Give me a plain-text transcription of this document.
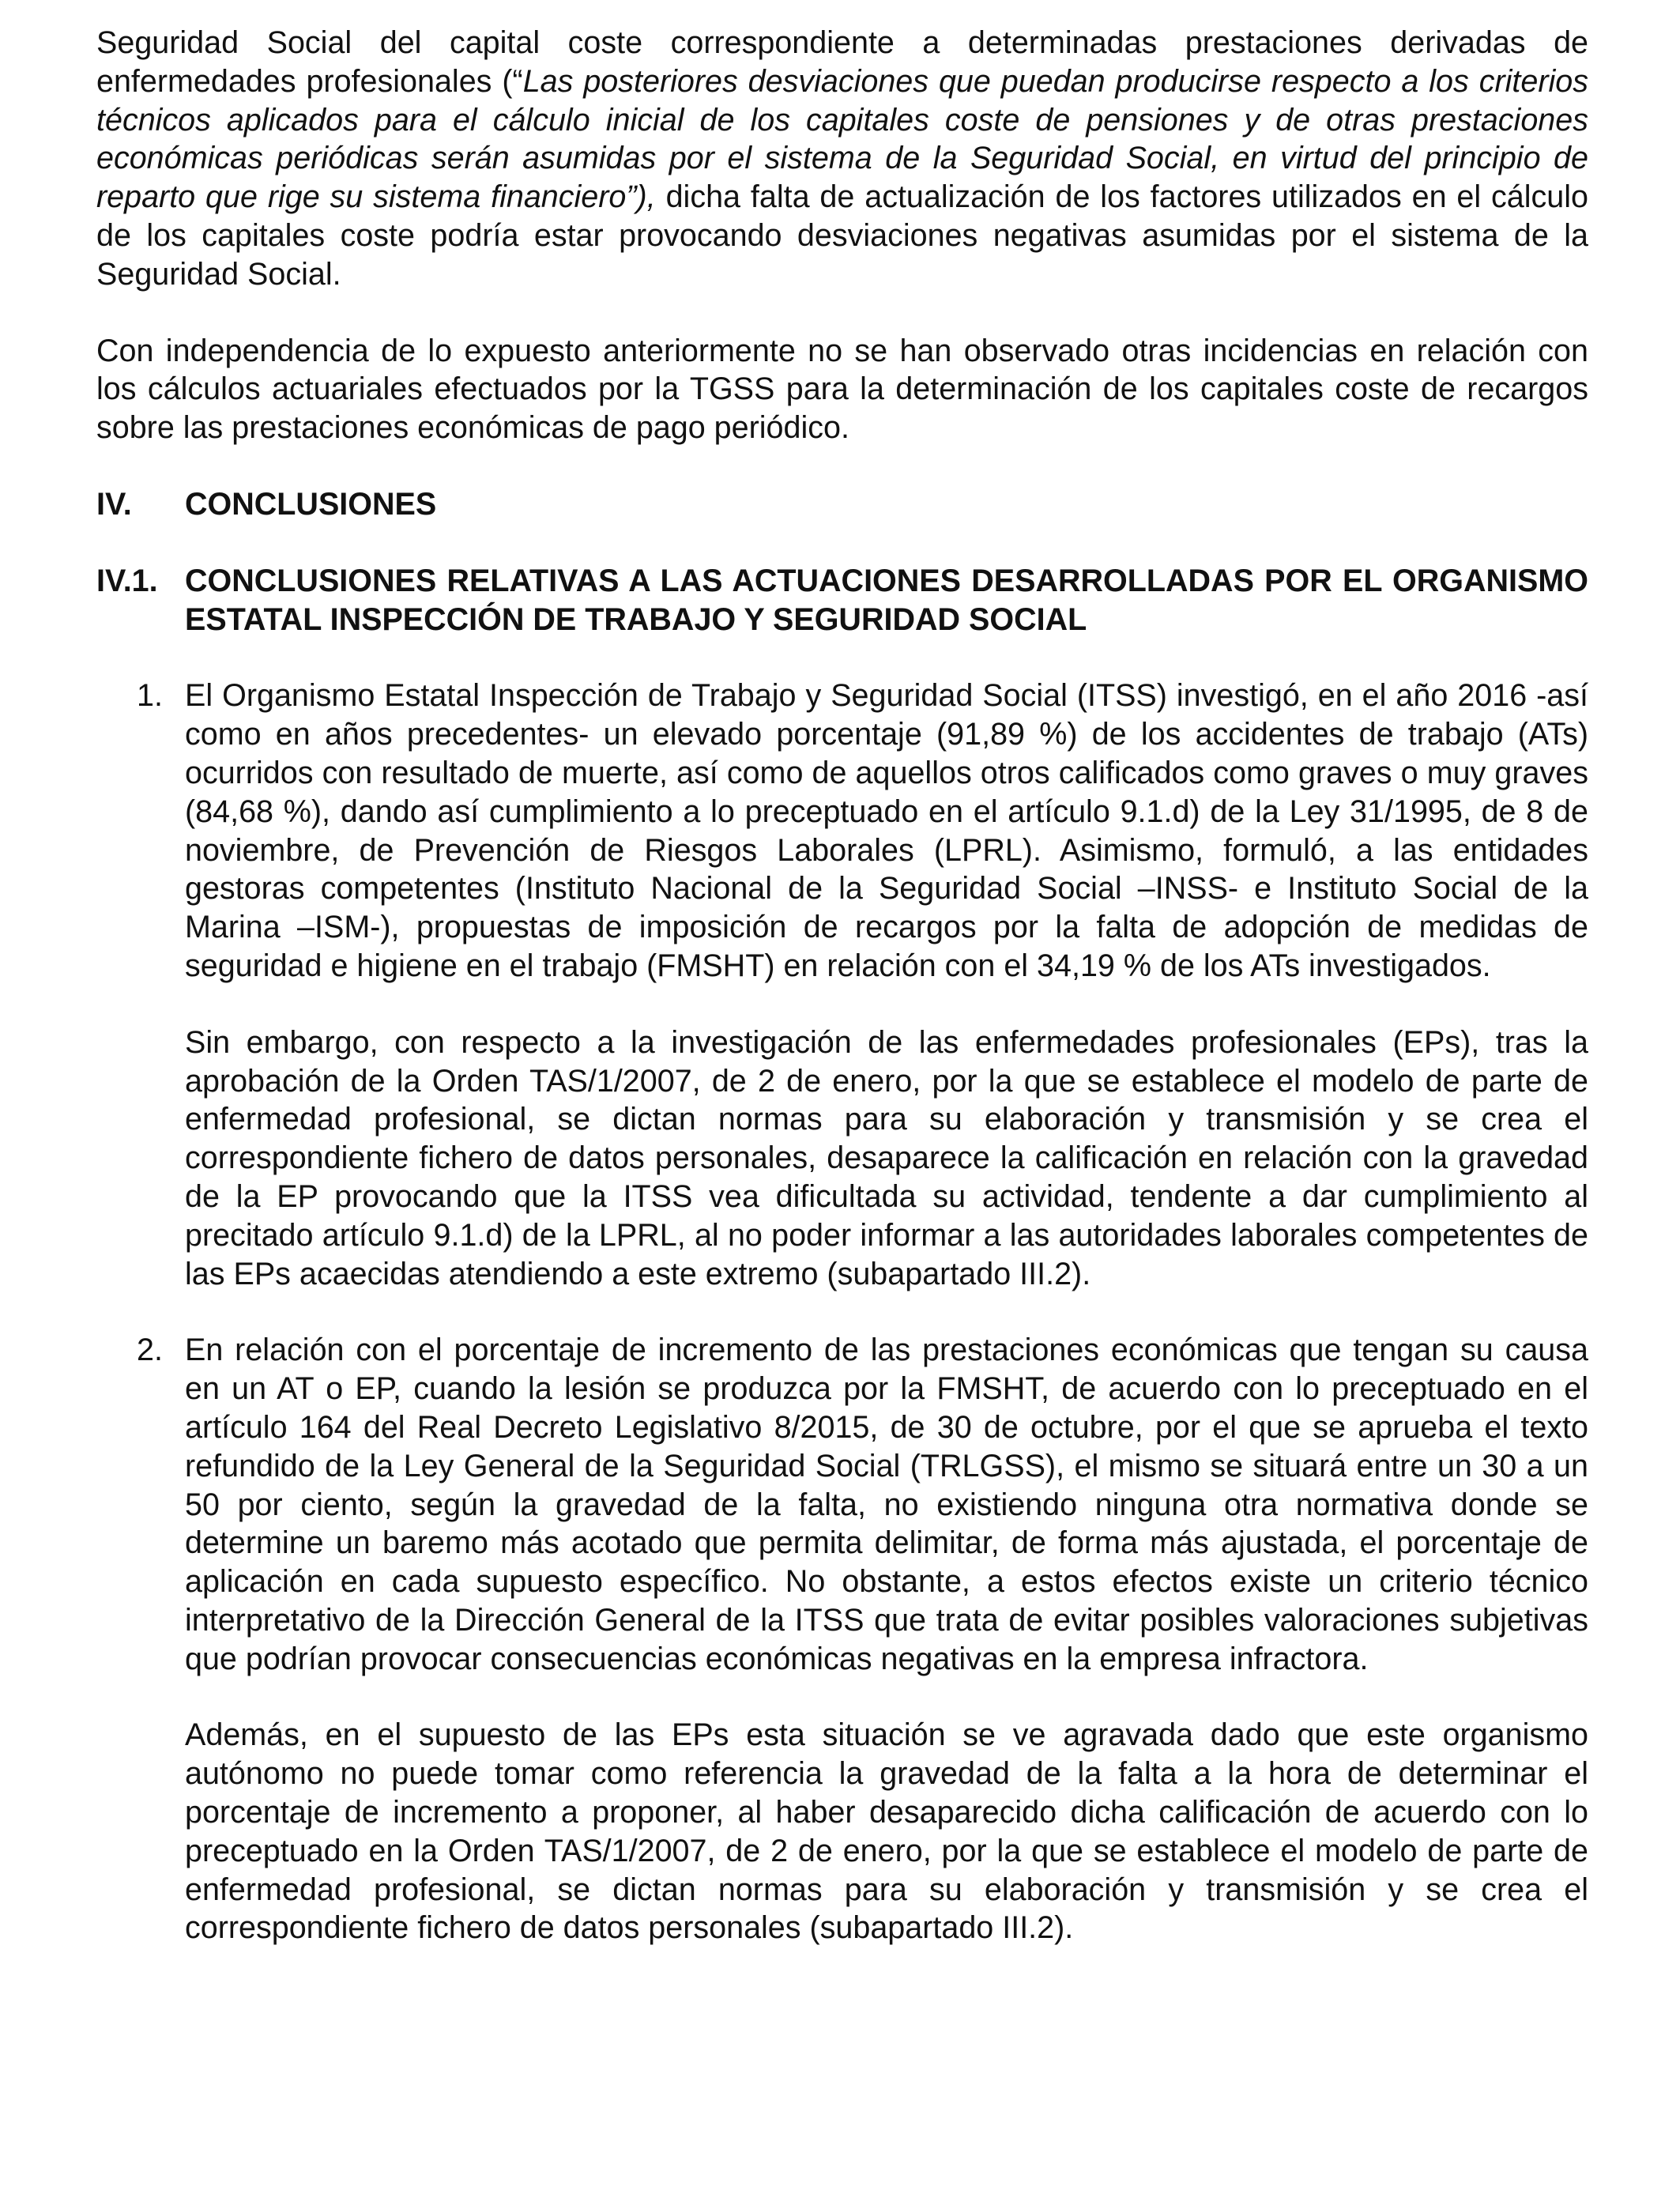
Seguridad Social del capital coste correspondiente a determinadas prestaciones derivadas de enfermedades profesionales (“Las posteriores desviaciones que puedan producirse respecto a los criterios técnicos aplicados para el cálculo inicial de los capitales coste de pensiones y de otras prestaciones económicas periódicas serán asumidas por el sistema de la Seguridad Social, en virtud del principio de reparto que rige su sistema financiero”), dicha falta de actualización de los factores utilizados en el cálculo de los capitales coste podría estar provocando desviaciones negativas asumidas por el sistema de la Seguridad Social.

Con independencia de lo expuesto anteriormente no se han observado otras incidencias en relación con los cálculos actuariales efectuados por la TGSS para la determinación de los capitales coste de recargos sobre las prestaciones económicas de pago periódico.

IV.	CONCLUSIONES
IV.1. CONCLUSIONES RELATIVAS A LAS ACTUACIONES DESARROLLADAS POR EL ORGANISMO ESTATAL INSPECCIÓN DE TRABAJO Y SEGURIDAD SOCIAL
1. El Organismo Estatal Inspección de Trabajo y Seguridad Social (ITSS) investigó, en el año 2016 -así como en años precedentes- un elevado porcentaje (91,89 %) de los accidentes de trabajo (ATs) ocurridos con resultado de muerte, así como de aquellos otros calificados como graves o muy graves (84,68 %), dando así cumplimiento a lo preceptuado en el artículo 9.1.d) de la Ley 31/1995, de 8 de noviembre, de Prevención de Riesgos Laborales (LPRL). Asimismo, formuló, a las entidades gestoras competentes (Instituto Nacional de la Seguridad Social –INSS- e Instituto Social de la Marina –ISM-), propuestas de imposición de recargos por la falta de adopción de medidas de seguridad e higiene en el trabajo (FMSHT) en relación con el 34,19 % de los ATs investigados.

Sin embargo, con respecto a la investigación de las enfermedades profesionales (EPs), tras la aprobación de la Orden TAS/1/2007, de 2 de enero, por la que se establece el modelo de parte de enfermedad profesional, se dictan normas para su elaboración y transmisión y se crea el correspondiente fichero de datos personales, desaparece la calificación en relación con la gravedad de la EP provocando que la ITSS vea dificultada su actividad, tendente a dar cumplimiento al precitado artículo 9.1.d) de la LPRL, al no poder informar a las autoridades laborales competentes de las EPs acaecidas atendiendo a este extremo (subapartado III.2).

2. En relación con el porcentaje de incremento de las prestaciones económicas que tengan su causa en un AT o EP, cuando la lesión se produzca por la FMSHT, de acuerdo con lo preceptuado en el artículo 164 del Real Decreto Legislativo 8/2015, de 30 de octubre, por el que se aprueba el texto refundido de la Ley General de la Seguridad Social (TRLGSS), el mismo se situará entre un 30 a un 50 por ciento, según la gravedad de la falta, no existiendo ninguna otra normativa donde se determine un baremo más acotado que permita delimitar, de forma más ajustada, el porcentaje de aplicación en cada supuesto específico. No obstante, a estos efectos existe un criterio técnico interpretativo de la Dirección General de la ITSS que trata de evitar posibles valoraciones subjetivas que podrían provocar consecuencias económicas negativas en la empresa infractora.

Además, en el supuesto de las EPs esta situación se ve agravada dado que este organismo autónomo no puede tomar como referencia la gravedad de la falta a la hora de determinar el porcentaje de incremento a proponer, al haber desaparecido dicha calificación de acuerdo con lo preceptuado en la Orden TAS/1/2007, de 2 de enero, por la que se establece el modelo de parte de enfermedad profesional, se dictan normas para su elaboración y transmisión y se crea el correspondiente fichero de datos personales (subapartado III.2).
